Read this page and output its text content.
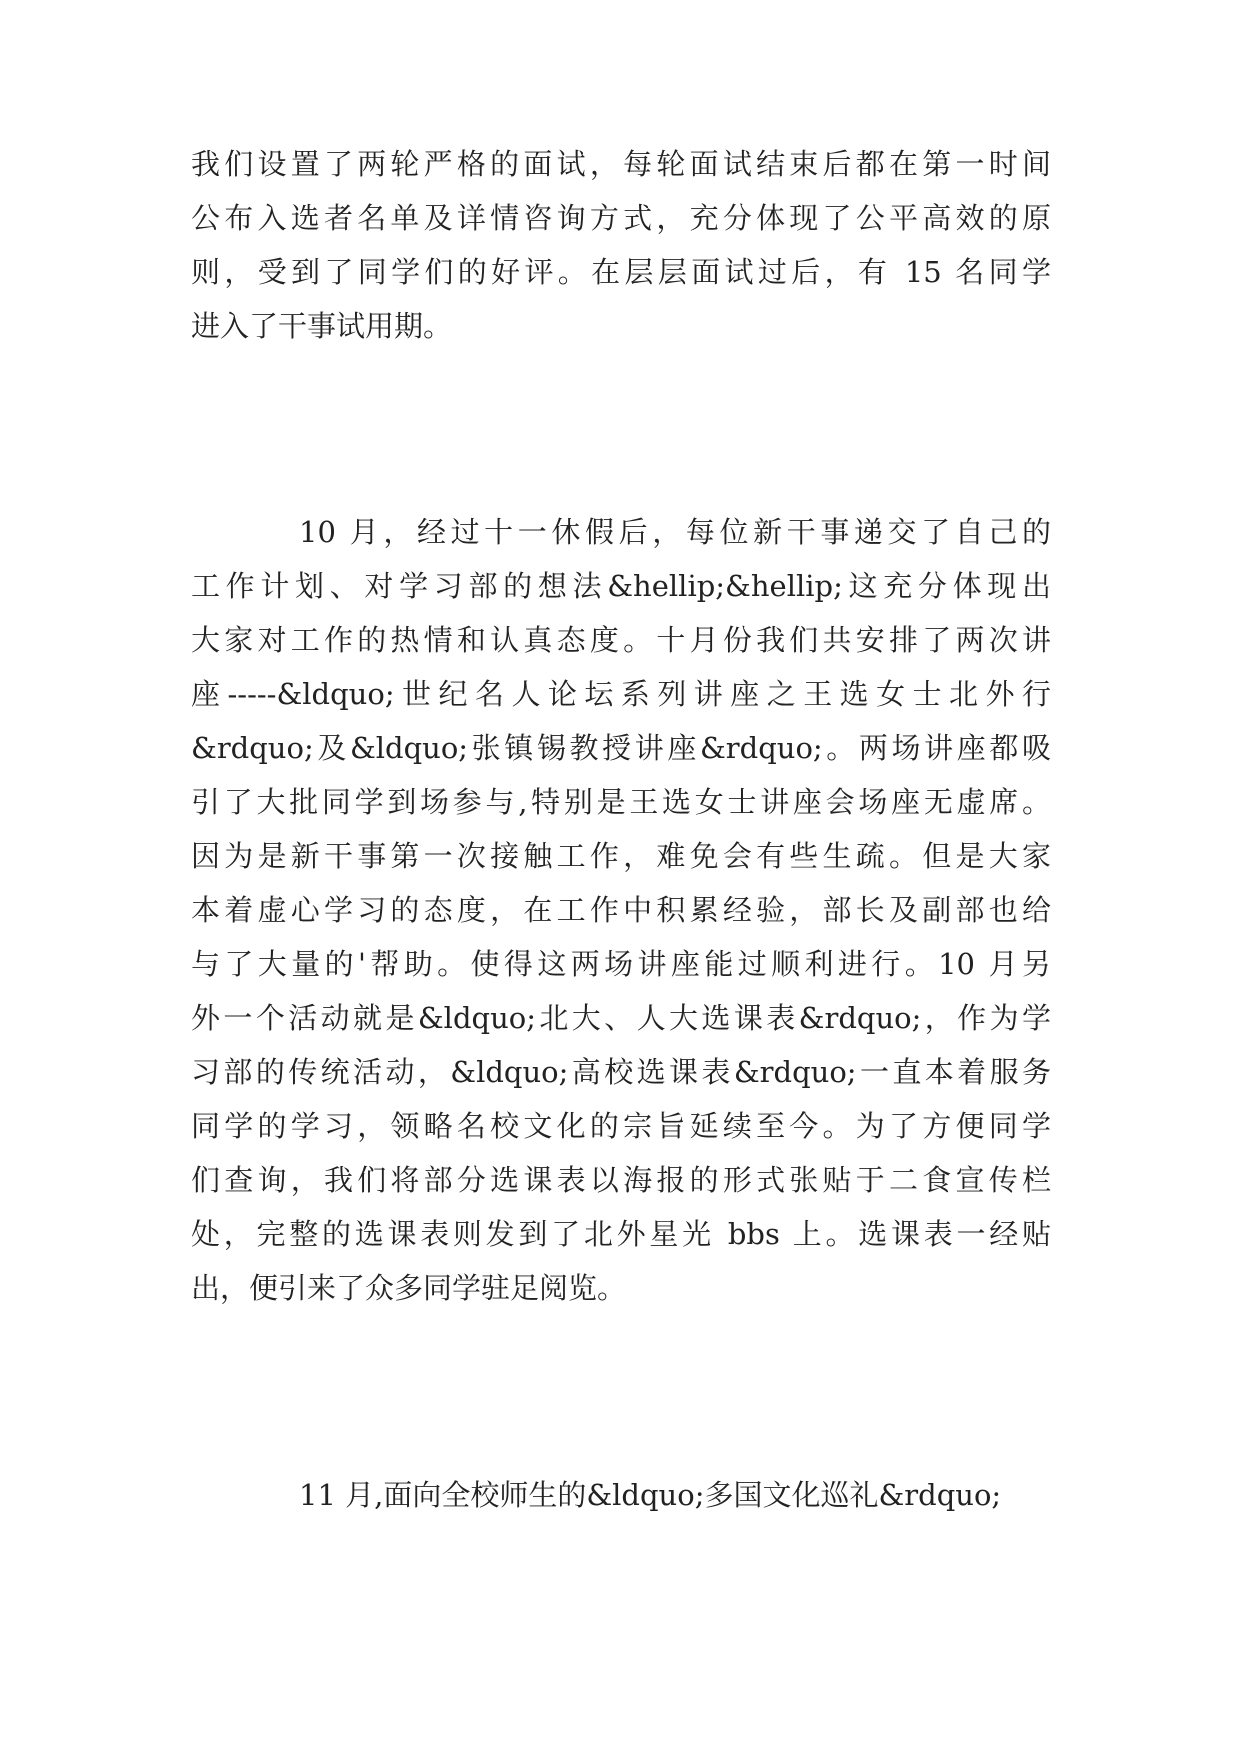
我们设置了两轮严格的面试，每轮面试结束后都在第一时间
公布入选者名单及详情咨询方式，充分体现了公平高效的原
则，受到了同学们的好评。在层层面试过后，有 15 名同学
进入了干事试用期。
10 月，经过十一休假后，每位新干事递交了自己的
工作计划、对学习部的想法&hellip;&hellip;这充分体现出
大家对工作的热情和认真态度。十月份我们共安排了两次讲
座-----&ldquo;世纪名人论坛系列讲座之王选女士北外行
&rdquo;及&ldquo;张镇锡教授讲座&rdquo;。两场讲座都吸
引了大批同学到场参与,特别是王选女士讲座会场座无虚席。
因为是新干事第一次接触工作，难免会有些生疏。但是大家
本着虚心学习的态度，在工作中积累经验，部长及副部也给
与了大量的'帮助。使得这两场讲座能过顺利进行。10 月另
外一个活动就是&ldquo;北大、人大选课表&rdquo;，作为学
习部的传统活动，&ldquo;高校选课表&rdquo;一直本着服务
同学的学习，领略名校文化的宗旨延续至今。为了方便同学
们查询，我们将部分选课表以海报的形式张贴于二食宣传栏
处，完整的选课表则发到了北外星光 bbs 上。选课表一经贴
出，便引来了众多同学驻足阅览。
11 月,面向全校师生的&ldquo;多国文化巡礼&rdquo;
